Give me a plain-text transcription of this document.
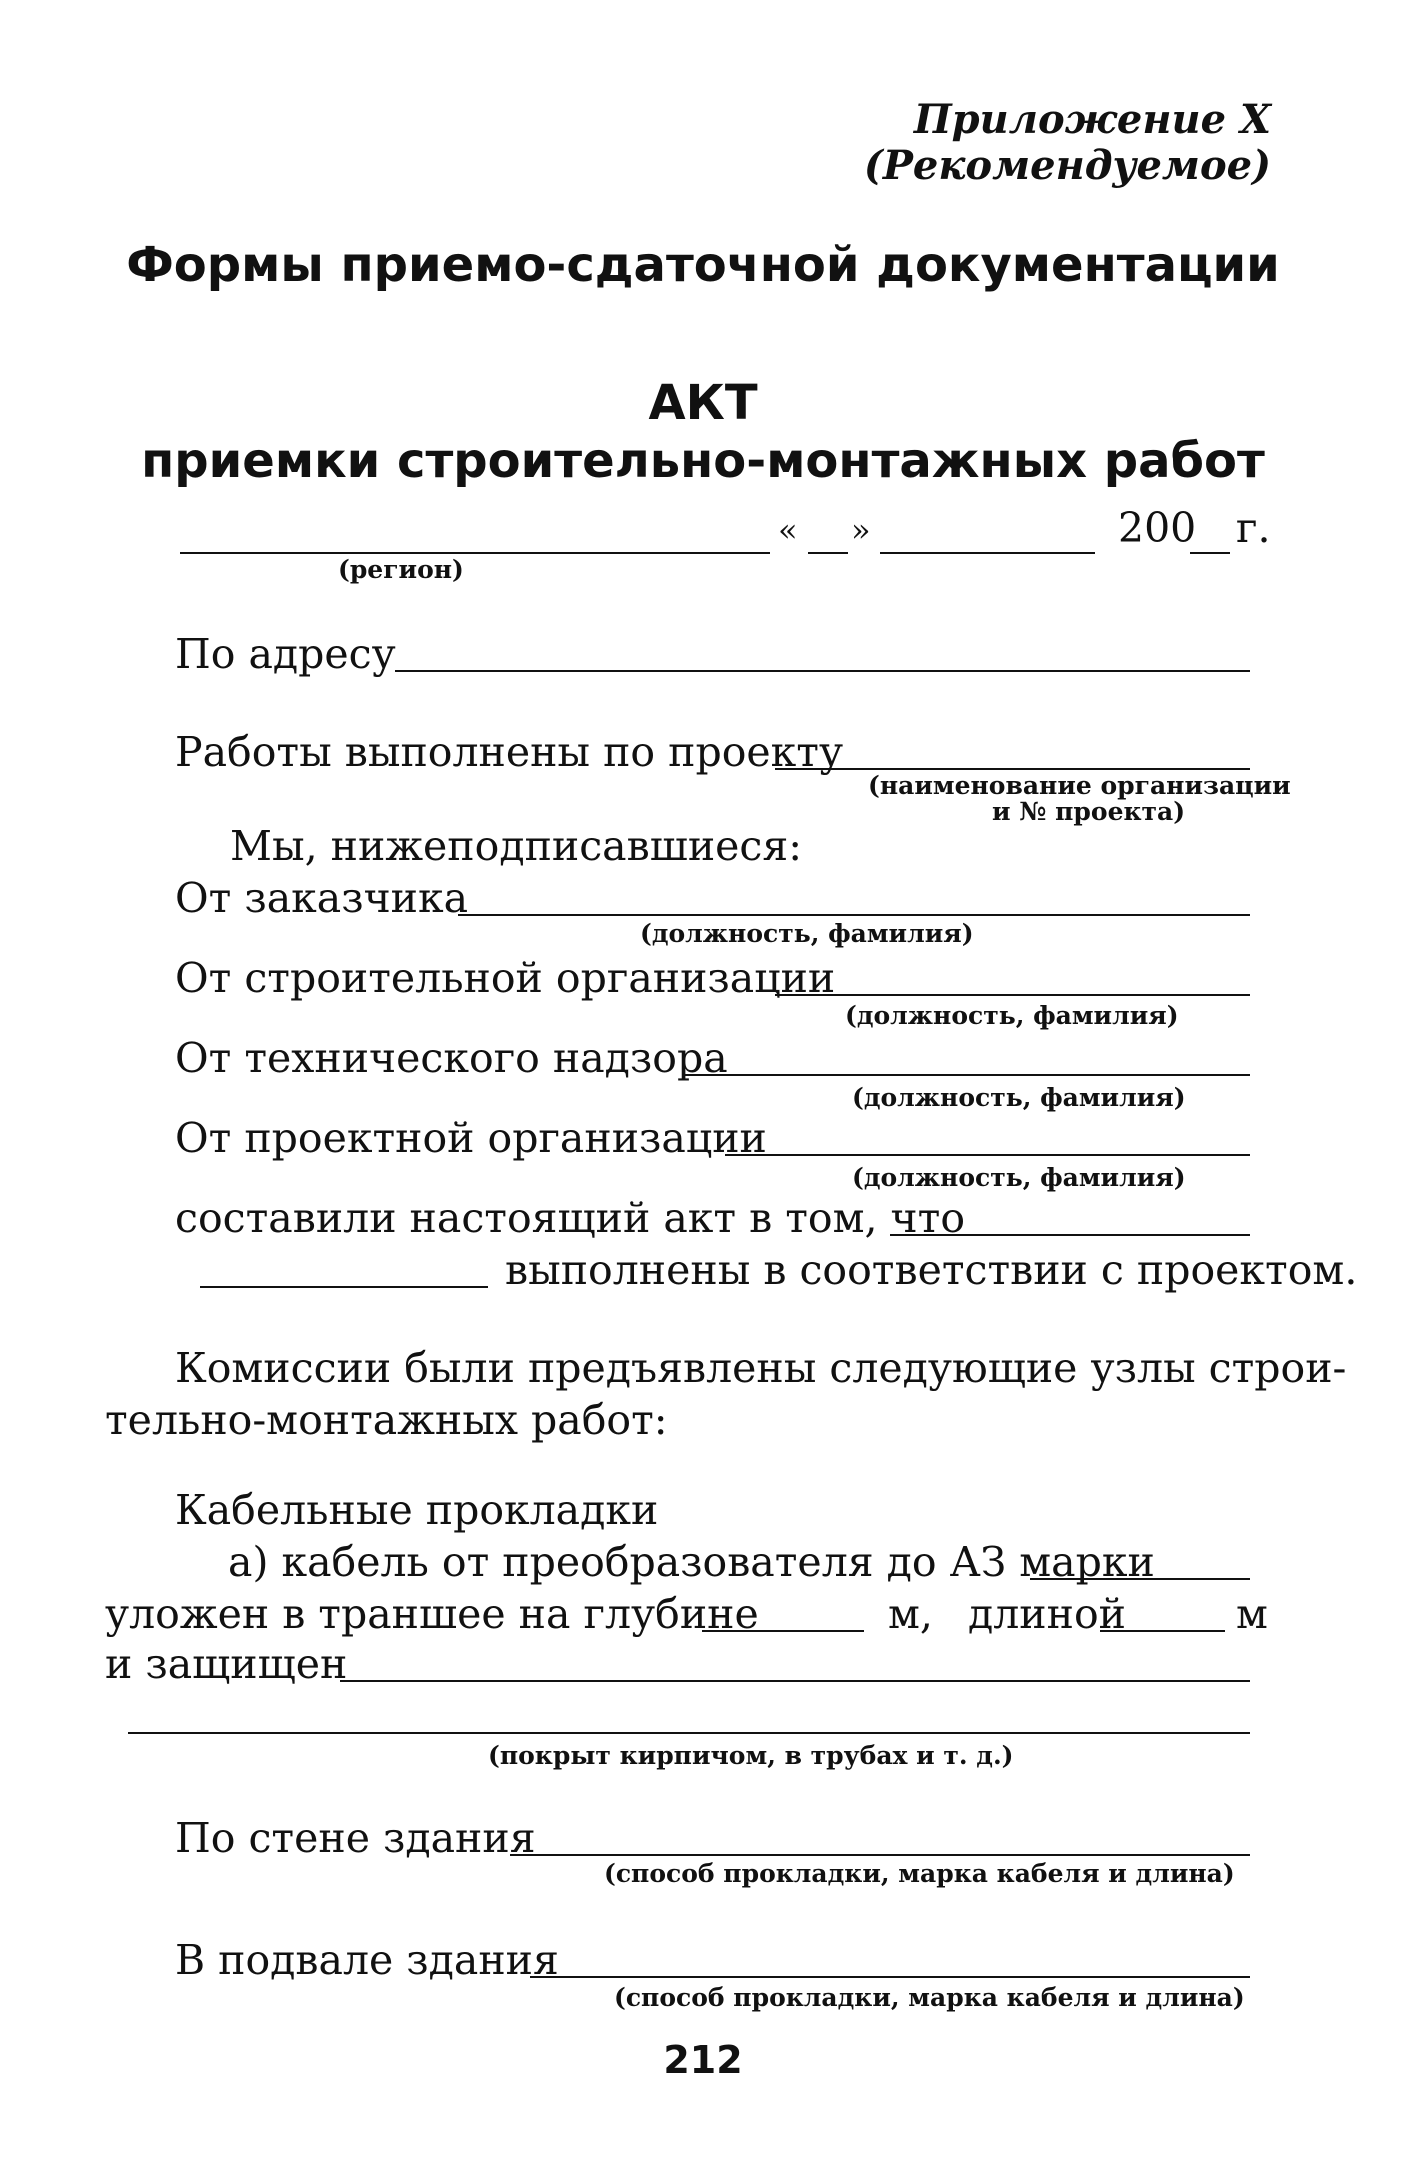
Приложение Х
(Рекомендуемое)
Формы приемо-сдаточной документации
АКТ
приемки строительно-монтажных работ
« »	200 г.
(регион)
По адресу
Работы выполнены по проекту
(наименование организации
и № проекта)
Мы, нижеподписавшиеся:
От заказчика
(должность, фамилия)
От строительной организации
(должность, фамилия)
От технического надзора
(должность, фамилия)
От проектной организации
(должность, фамилия)
составили настоящий акт в том, что
выполнены в соответствии с проектом.
Комиссии были предъявлены следующие узлы строи-
тельно-монтажных работ:
Кабельные прокладки
а) кабель от преобразователя до АЗ марки
уложен в траншее на глубине	м, длиной	м
и защищен
(покрыт кирпичом, в трубах и т. д.)
По стене здания
(способ прокладки, марка кабеля и длина)
В подвале здания
(способ прокладки, марка кабеля и длина)
212
